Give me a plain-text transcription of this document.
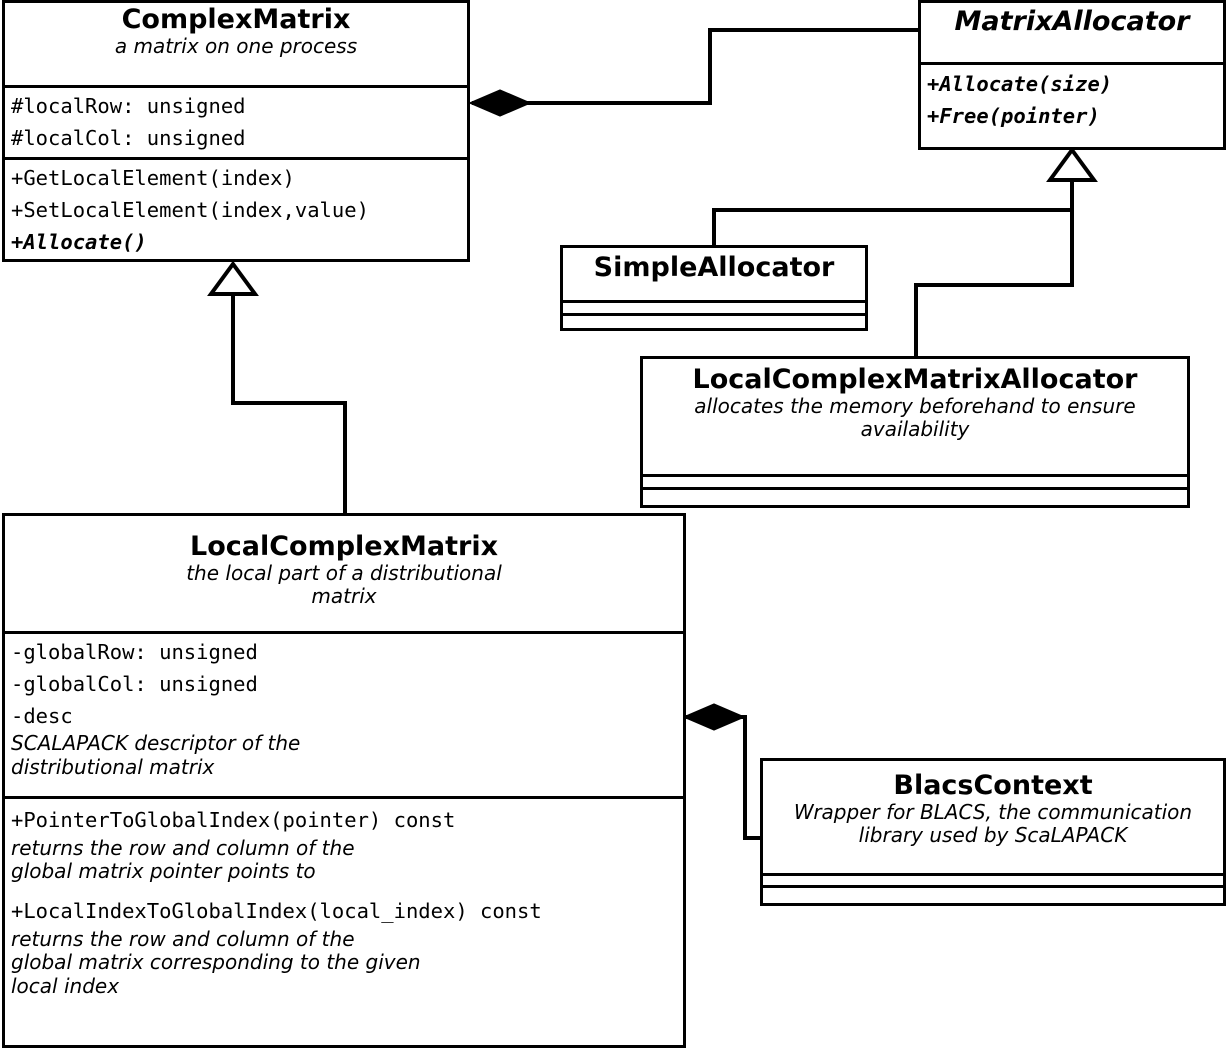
ComplexMatrix
a matrix on one process
#localRow: unsigned
#localCol: unsigned
+GetLocalElement(index)
+SetLocalElement(index,value)
+Allocate()
MatrixAllocator
+Allocate(size)
+Free(pointer)
SimpleAllocator
LocalComplexMatrixAllocator
allocates the memory beforehand to ensure availability
LocalComplexMatrix
the local part of a distributional matrix
-globalRow: unsigned
-globalCol: unsigned
-desc
SCALAPACK descriptor of the distributional matrix
+PointerToGlobalIndex(pointer) const
returns the row and column of the global matrix pointer points to
+LocalIndexToGlobalIndex(local_index) const
returns the row and column of the global matrix corresponding to the given local index
BlacsContext
Wrapper for BLACS, the communication library used by ScaLAPACK
